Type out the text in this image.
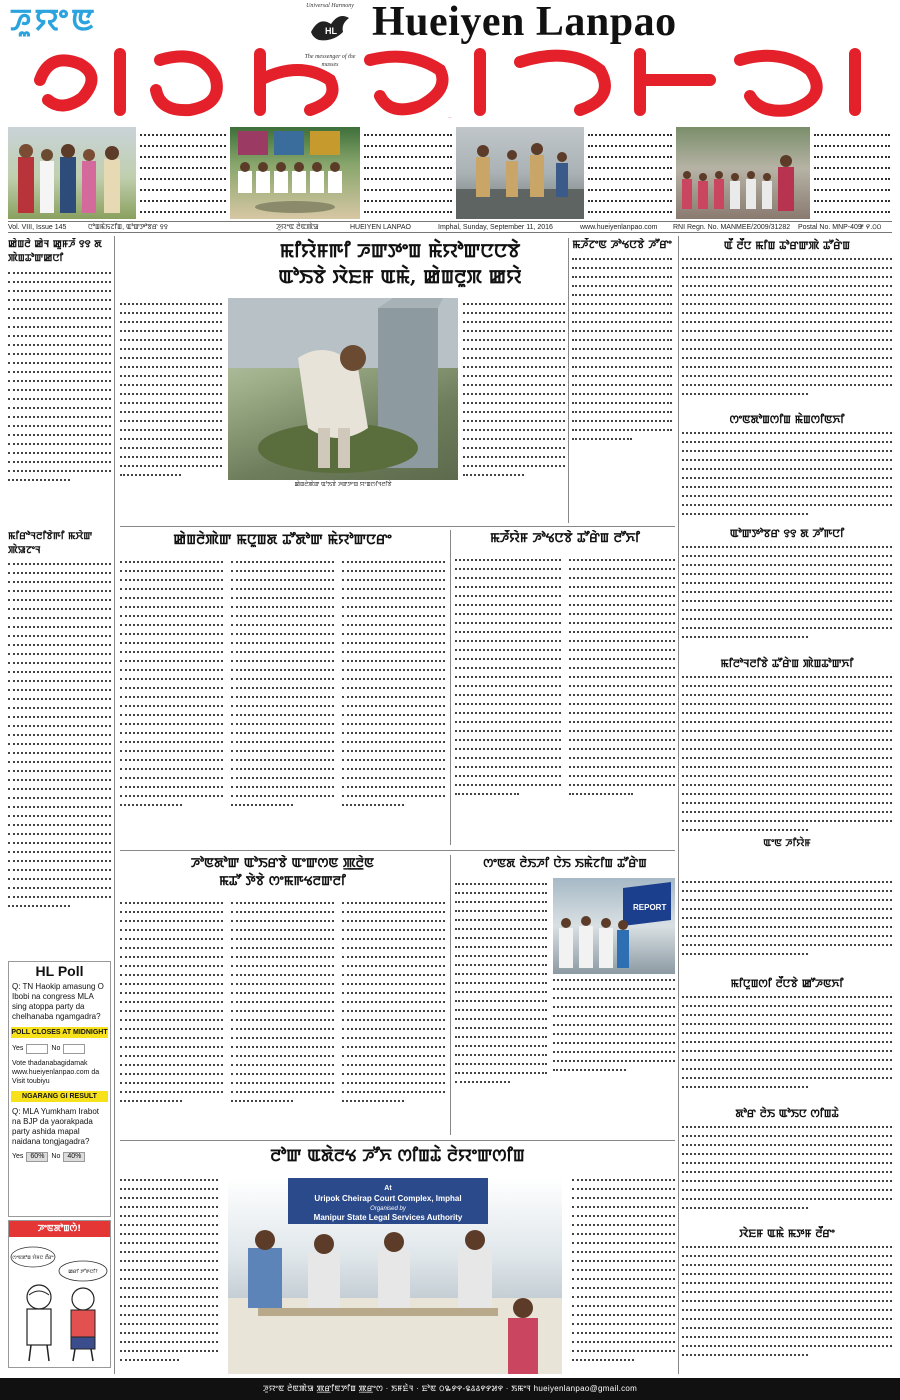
ꯍꯨꯌꯦꯟ	Universal Harmony
HL
The messenger of the masses
Hueiyen Lanpao
ꯂꯥꯟꯄꯥꯎ
Vol. VIII, Issue 145	ꯅꯣꯡꯃꯥꯏꯖꯤꯡ, ꯑꯣꯛꯇꯣꯕꯔ ꯱꯱	ꯍꯨꯌꯦꯟ ꯂꯥꯟꯄꯥꯎ	HUEIYEN LANPAO	Imphal, Sunday, September 11, 2016	www.hueiyenlanpao.com RNI Regn. No. MANMEE/2009/31282 Postal No. MNP-409
₹ ꯵.꯰꯰
ꯀꯥꯡꯂꯥ ꯀꯥꯜ ꯀꯨꯝꯍꯩ ꯱꯱ ꯗ ꯄꯥꯡꯊꯣꯛꯀꯅꯤ
ꯃꯤꯔꯣꯜꯂꯤꯕꯥꯒꯤ ꯃꯆꯥꯛ ꯄꯥꯎꯖꯦꯜ
HL Poll
Q: TN Haokip amasung O Ibobi na congress MLA sing atoppa party da chelhanaba ngamgadra?
POLL CLOSES AT MIDNIGHT
Yes	No
Vote thadanabagidamak www.hueiyenlanpao.com da Visit toubiyu
NGARANG GI RESULT
Q: MLA Yumkham Irabot na BJP da yaorakpada party ashida mapal naidana tongjagadra?
Yes 60%	No 40%
ꯍꯦꯟꯗꯣꯡꯁꯥ!
ꯁꯦꯟꯗꯣꯡ ꯌꯥꯝꯅ ꯂꯩꯔꯦ
ꯀꯔꯤ ꯇꯧꯒꯅꯤ?
ꯃꯤꯌꯥꯝꯒꯤ ꯍꯛꯇꯦꯡ ꯃꯥꯌꯣꯛꯅꯅꯕꯥ
ꯑꯣꯏꯕꯥ ꯋꯥꯐꯝ ꯑꯃꯥ, ꯀꯥꯡꯂꯨꯞ ꯀꯌꯥ
ꯀꯥꯡꯂꯥꯄꯥꯛ ꯑꯣꯏꯕꯥ ꯍꯛꯇꯦꯡ ꯌꯦꯡꯁꯤꯜꯂꯤꯕꯥ
ꯃꯍꯩꯖꯦꯟ ꯍꯣꯠꯅꯕꯥ ꯍꯧꯔꯦ
ꯀꯥꯡꯂꯥꯄꯥꯛ ꯃꯅꯨꯡꯗ ꯊꯧꯗꯣꯛ ꯃꯥꯌꯣꯛꯅꯔꯦ	ꯃꯍꯩꯌꯥꯝ ꯍꯣꯠꯅꯕꯥ ꯊꯧꯔꯥꯡ ꯂꯧꯈꯤ
ꯍꯣꯟꯗꯣꯛ ꯑꯣꯏꯔꯕꯥ ꯑꯦꯛꯁꯟ ꯄ꯭ꯂꯥꯟ
ꯃꯊꯧ ꯇꯥꯕꯥ ꯁꯦꯃꯒꯠꯂꯛꯂꯤ
ꯁꯦꯟꯗ ꯂꯥꯏꯍꯤ ꯅꯥꯏ ꯏꯃꯥꯖꯤꯡ ꯊꯧꯔꯥꯡ
REPORT
ꯂꯣꯛ ꯑꯗꯥꯂꯠ ꯍꯧꯈ ꯁꯤꯡꯊꯥ ꯂꯥꯌꯦꯛꯁꯤꯡ
At
Uripok Cheirap Court Complex, Imphal
Organised by
Manipur State Legal Services Authority
ꯑꯩ ꯂꯩꯅ ꯃꯤꯡ ꯊꯣꯔꯛꯄꯥ ꯊꯧꯔꯥꯡ
ꯁꯦꯟꯗꯣꯡꯁꯤꯡ ꯃꯥꯡꯁꯤꯟꯈꯤ
ꯑꯣꯛꯇꯣꯕꯔ ꯱꯱ ꯗ ꯍꯧꯒꯅꯤ
ꯃꯤꯂꯣꯜꯂꯤꯕꯥ ꯊꯧꯔꯥꯡ ꯄꯥꯡꯊꯣꯛꯈꯤ
ꯑꯦꯟ ꯍꯤꯌꯥꯝ
ꯃꯤꯅꯨꯡꯁꯤ ꯂꯩꯅꯕꯥ ꯀꯧꯍꯟꯈꯤ
ꯗꯣꯔ ꯂꯥꯏ ꯑꯣꯏꯅ ꯁꯤꯡꯊꯥ
ꯋꯥꯐꯝ ꯑꯃꯥ ꯃꯇꯝ ꯂꯩꯔꯦ
ꯍꯨꯌꯦꯟ ꯂꯥꯟꯄꯥꯎ ꯄ꯭ꯔꯤꯟꯇꯤꯡ ꯄ꯭ꯔꯦꯁ · ꯏꯝꯐꯥꯜ · ꯐꯣꯟ ꯰꯳꯸꯵-꯲꯴꯴꯵꯸꯷꯵ · ꯏꯃꯦꯜ hueiyenlanpao@gmail.com
